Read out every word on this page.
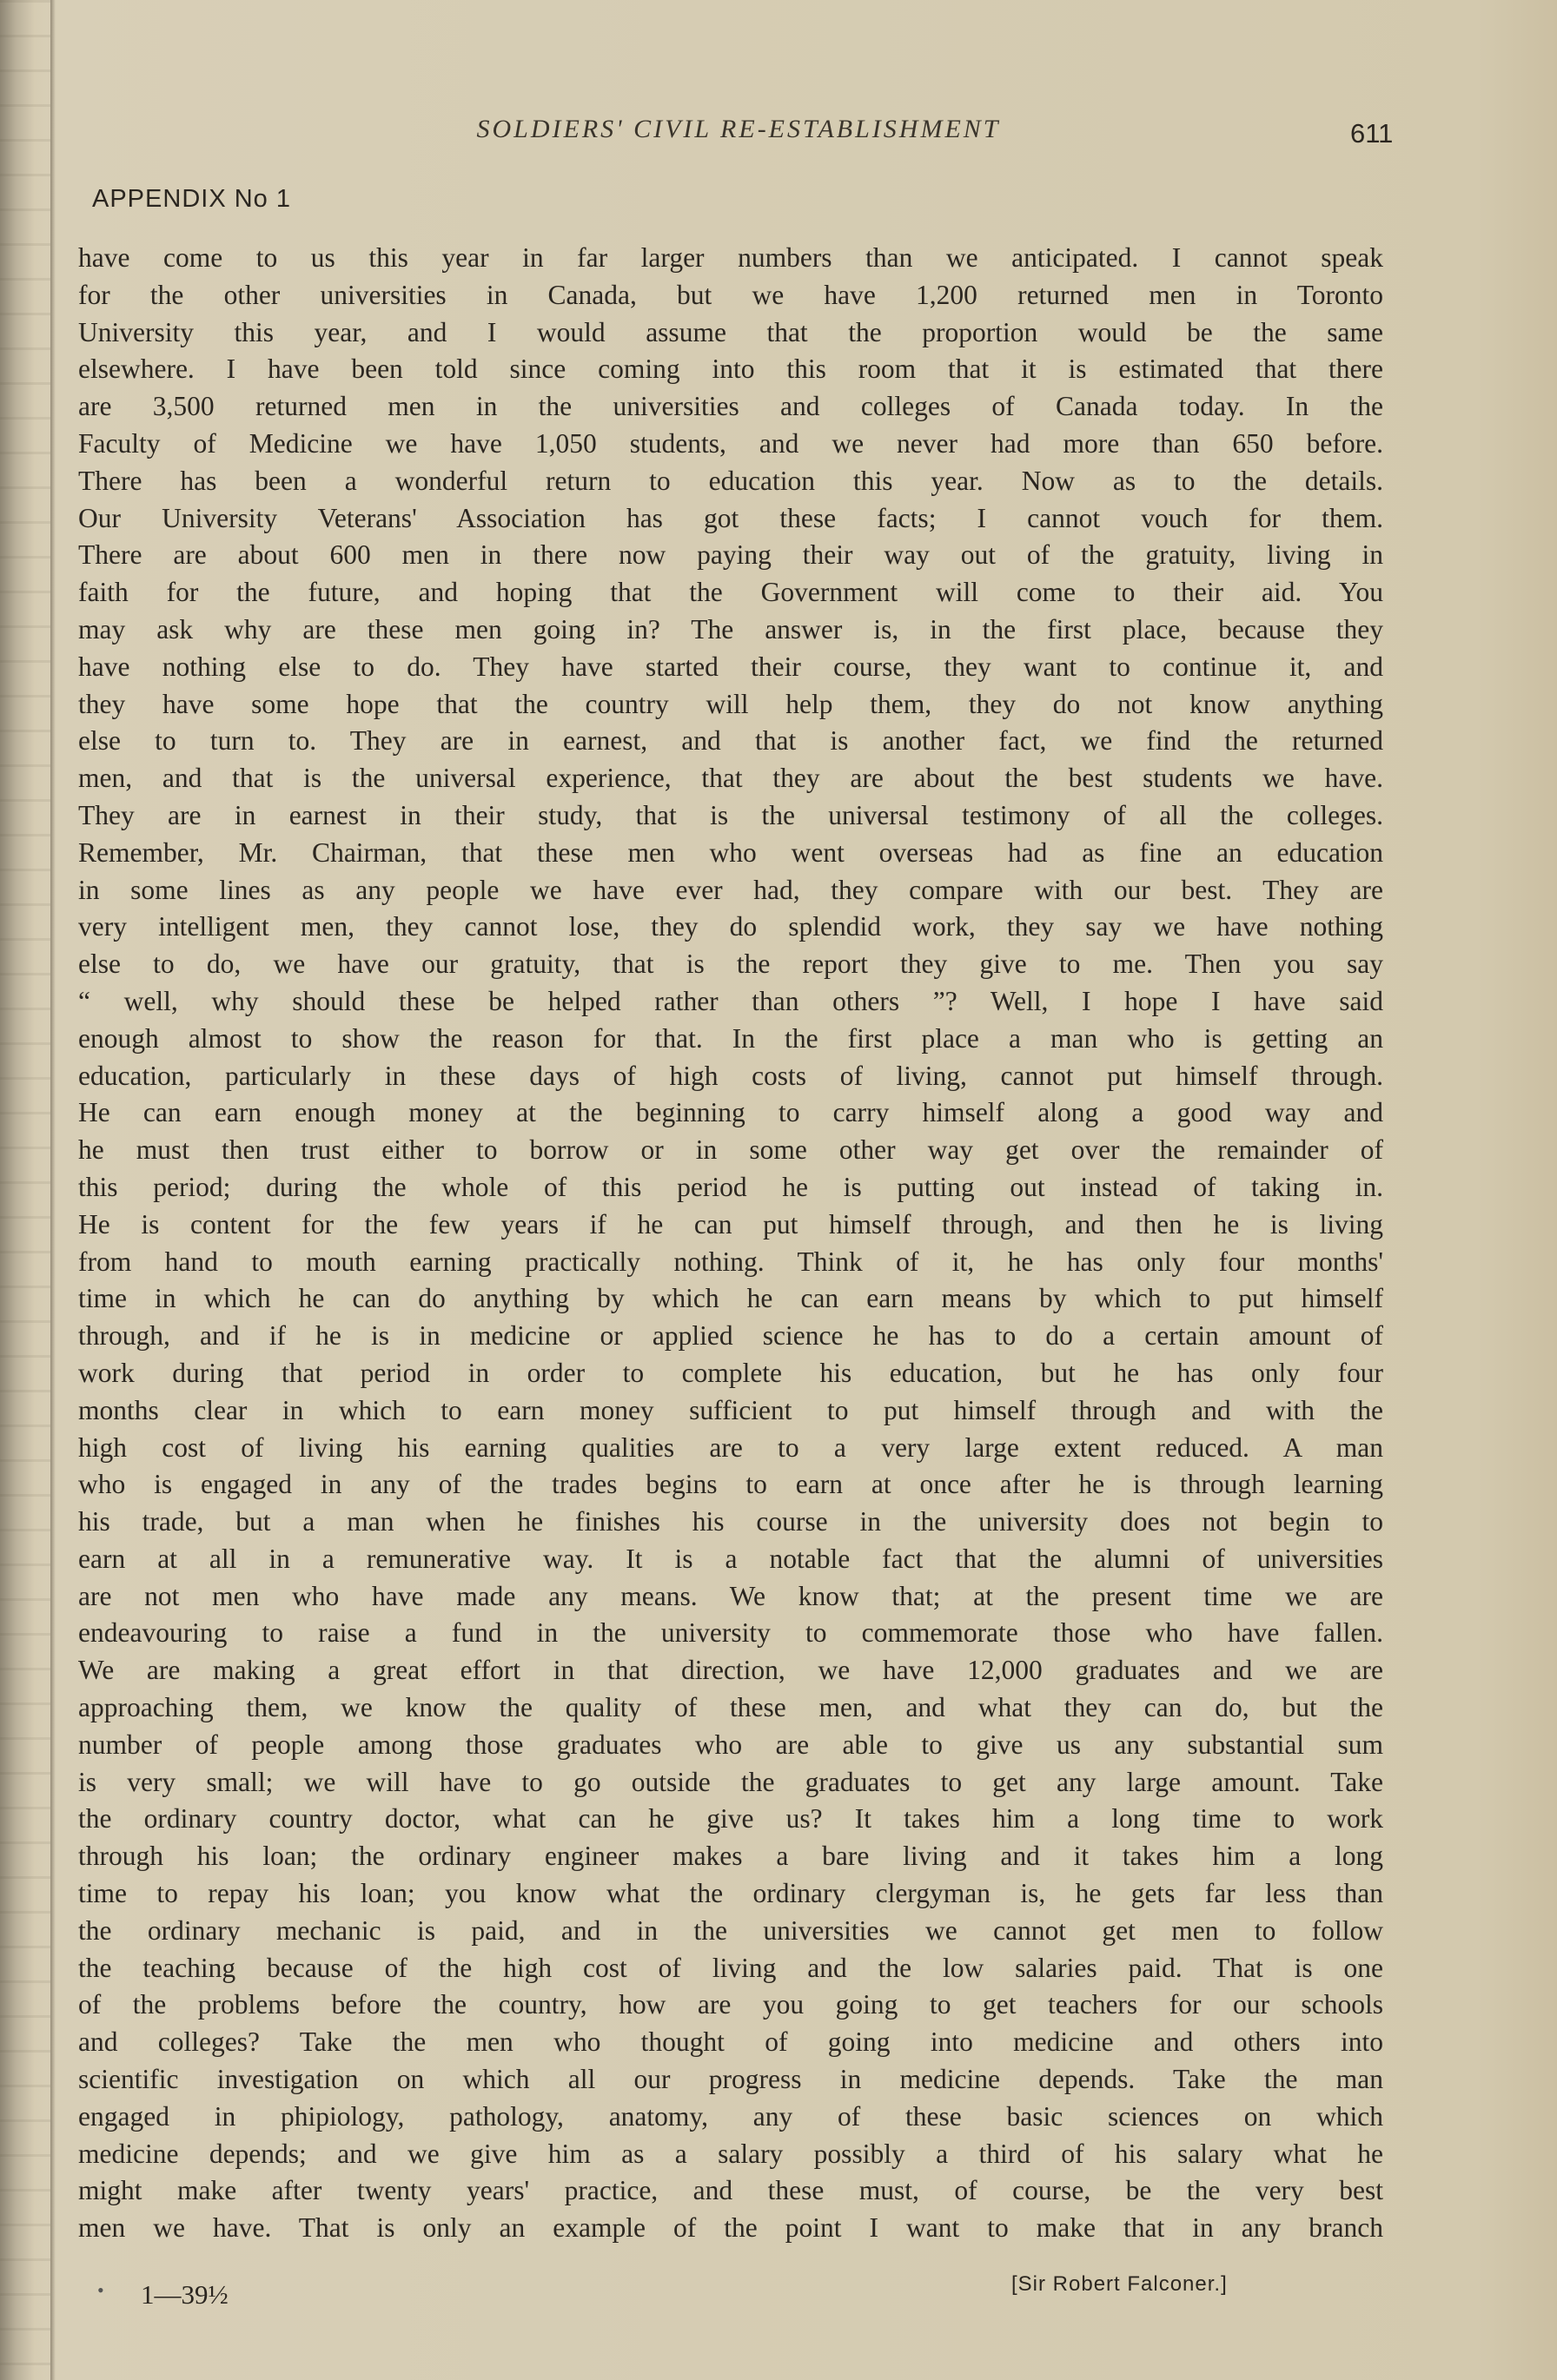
SOLDIERS' CIVIL RE-ESTABLISHMENT	611
APPENDIX No 1
have come to us this year in far larger numbers than we anticipated. I cannot speak
for the other universities in Canada, but we have 1,200 returned men in Toronto
University this year, and I would assume that the proportion would be the same
elsewhere. I have been told since coming into this room that it is estimated that there
are 3,500 returned men in the universities and colleges of Canada today. In the
Faculty of Medicine we have 1,050 students, and we never had more than 650 before.
There has been a wonderful return to education this year. Now as to the details.
Our University Veterans' Association has got these facts; I cannot vouch for them.
There are about 600 men in there now paying their way out of the gratuity, living in
faith for the future, and hoping that the Government will come to their aid. You
may ask why are these men going in? The answer is, in the first place, because they
have nothing else to do. They have started their course, they want to continue it, and
they have some hope that the country will help them, they do not know anything
else to turn to. They are in earnest, and that is another fact, we find the returned
men, and that is the universal experience, that they are about the best students we have.
They are in earnest in their study, that is the universal testimony of all the colleges.
Remember, Mr. Chairman, that these men who went overseas had as fine an education
in some lines as any people we have ever had, they compare with our best. They are
very intelligent men, they cannot lose, they do splendid work, they say we have nothing
else to do, we have our gratuity, that is the report they give to me. Then you say
“ well, why should these be helped rather than others ”? Well, I hope I have said
enough almost to show the reason for that. In the first place a man who is getting an
education, particularly in these days of high costs of living, cannot put himself through.
He can earn enough money at the beginning to carry himself along a good way and
he must then trust either to borrow or in some other way get over the remainder of
this period; during the whole of this period he is putting out instead of taking in.
He is content for the few years if he can put himself through, and then he is living
from hand to mouth earning practically nothing. Think of it, he has only four months'
time in which he can do anything by which he can earn means by which to put himself
through, and if he is in medicine or applied science he has to do a certain amount of
work during that period in order to complete his education, but he has only four
months clear in which to earn money sufficient to put himself through and with the
high cost of living his earning qualities are to a very large extent reduced. A man
who is engaged in any of the trades begins to earn at once after he is through learning
his trade, but a man when he finishes his course in the university does not begin to
earn at all in a remunerative way. It is a notable fact that the alumni of universities
are not men who have made any means. We know that; at the present time we are
endeavouring to raise a fund in the university to commemorate those who have fallen.
We are making a great effort in that direction, we have 12,000 graduates and we are
approaching them, we know the quality of these men, and what they can do, but the
number of people among those graduates who are able to give us any substantial sum
is very small; we will have to go outside the graduates to get any large amount. Take
the ordinary country doctor, what can he give us? It takes him a long time to work
through his loan; the ordinary engineer makes a bare living and it takes him a long
time to repay his loan; you know what the ordinary clergyman is, he gets far less than
the ordinary mechanic is paid, and in the universities we cannot get men to follow
the teaching because of the high cost of living and the low salaries paid. That is one
of the problems before the country, how are you going to get teachers for our schools
and colleges? Take the men who thought of going into medicine and others into
scientific investigation on which all our progress in medicine depends. Take the man
engaged in phipiology, pathology, anatomy, any of these basic sciences on which
medicine depends; and we give him as a salary possibly a third of his salary what he
might make after twenty years' practice, and these must, of course, be the very best
men we have. That is only an example of the point I want to make that in any branch
• 1—39½	[Sir Robert Falconer.]
